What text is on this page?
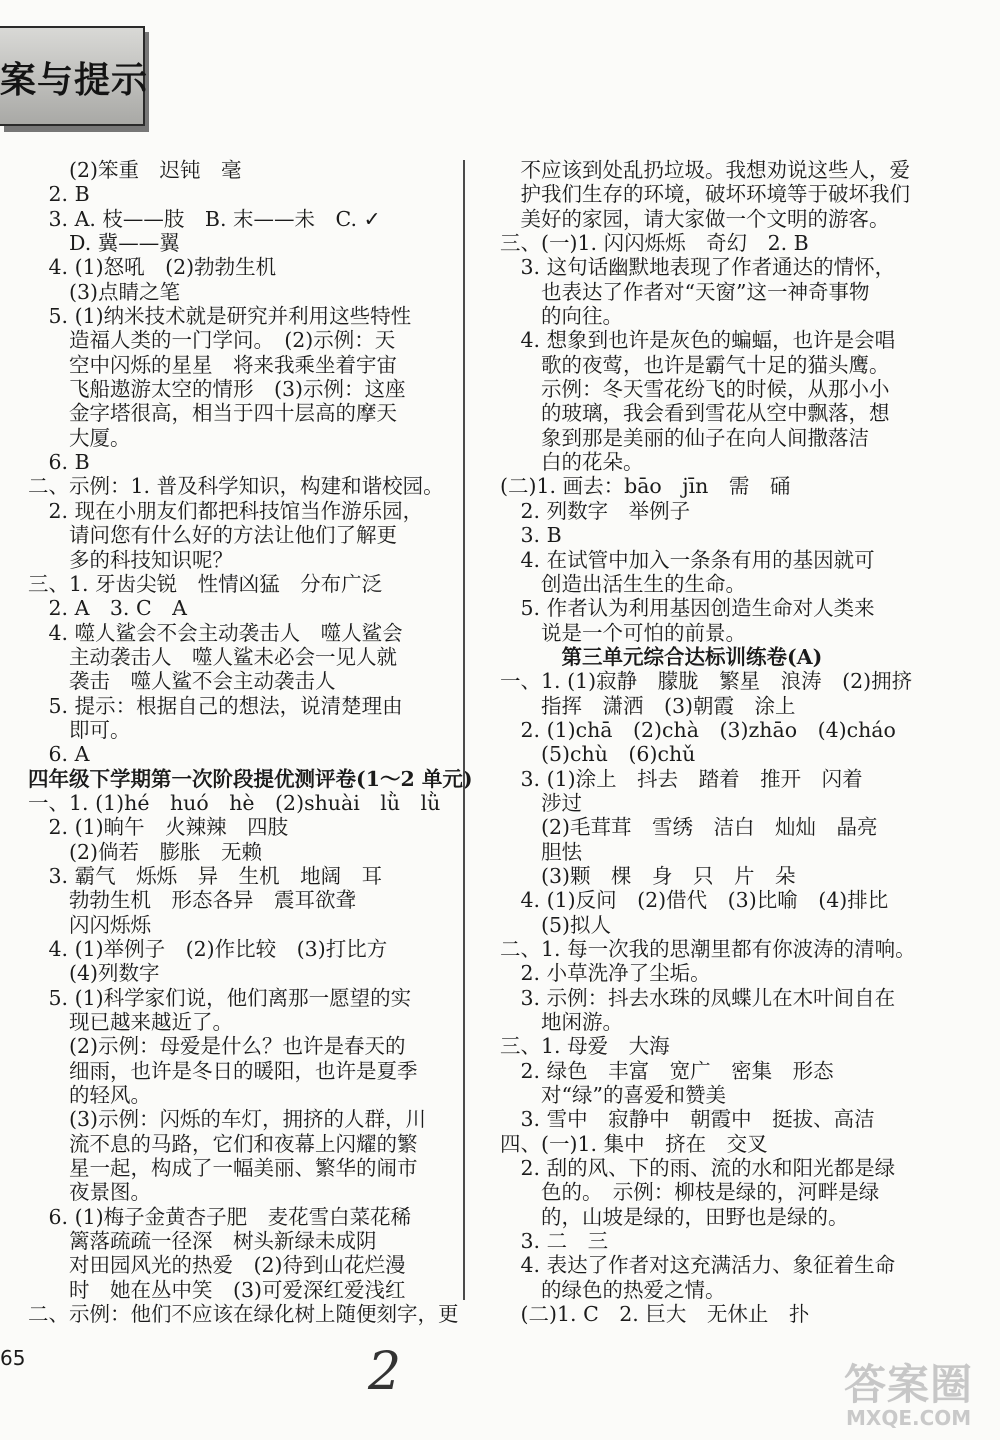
案与提示
　　(2)笨重　迟钝　毫
　2. B
　3. A. 枝——肢　B. 末——未　C. ✓
　　D. 冀——翼
　4. (1)怒吼　(2)勃勃生机
　　(3)点睛之笔
　5. (1)纳米技术就是研究并利用这些特性
　　造福人类的一门学问。　(2)示例：天
　　空中闪烁的星星　将来我乘坐着宇宙
　　飞船遨游太空的情形　(3)示例：这座
　　金字塔很高，相当于四十层高的摩天
　　大厦。
　6. B
二、示例：1. 普及科学知识，构建和谐校园。
　2. 现在小朋友们都把科技馆当作游乐园，
　　请问您有什么好的方法让他们了解更
　　多的科技知识呢？
三、1. 牙齿尖锐　性情凶猛　分布广泛
　2. A　3. C　A
　4. 噬人鲨会不会主动袭击人　噬人鲨会
　　主动袭击人　噬人鲨未必会一见人就
　　袭击　噬人鲨不会主动袭击人
　5. 提示：根据自己的想法，说清楚理由
　　即可。
　6. A
四年级下学期第一次阶段提优测评卷(1～2 单元)
一、1. (1)hé　huó　hè　(2)shuài　lǜ　lǜ
　2. (1)晌午　火辣辣　四肢
　　(2)倘若　膨胀　无赖
　3. 霸气　烁烁　异　生机　地阔　耳
　　勃勃生机　形态各异　震耳欲聋
　　闪闪烁烁
　4. (1)举例子　(2)作比较　(3)打比方
　　(4)列数字
　5. (1)科学家们说，他们离那一愿望的实
　　现已越来越近了。
　　(2)示例：母爱是什么？也许是春天的
　　细雨，也许是冬日的暖阳，也许是夏季
　　的轻风。
　　(3)示例：闪烁的车灯，拥挤的人群，川
　　流不息的马路，它们和夜幕上闪耀的繁
　　星一起，构成了一幅美丽、繁华的闹市
　　夜景图。
　6. (1)梅子金黄杏子肥　麦花雪白菜花稀
　　篱落疏疏一径深　树头新绿未成阴
　　对田园风光的热爱　(2)待到山花烂漫
　　时　她在丛中笑　(3)可爱深红爱浅红
二、示例：他们不应该在绿化树上随便刻字，更
　不应该到处乱扔垃圾。我想劝说这些人，爱
　护我们生存的环境，破坏环境等于破坏我们
　美好的家园，请大家做一个文明的游客。
三、(一)1. 闪闪烁烁　奇幻　2. B
　3. 这句话幽默地表现了作者通达的情怀，
　　也表达了作者对“天窗”这一神奇事物
　　的向往。
　4. 想象到也许是灰色的蝙蝠，也许是会唱
　　歌的夜莺，也许是霸气十足的猫头鹰。
　　示例：冬天雪花纷飞的时候，从那小小
　　的玻璃，我会看到雪花从空中飘落，想
　　象到那是美丽的仙子在向人间撒落洁
　　白的花朵。
(二)1. 画去：bāo　jīn　需　硧
　2. 列数字　举例子
　3. B
　4. 在试管中加入一条条有用的基因就可
　　创造出活生生的生命。
　5. 作者认为利用基因创造生命对人类来
　　说是一个可怕的前景。
　　　第三单元综合达标训练卷(A)
一、1. (1)寂静　朦胧　繁星　浪涛　(2)拥挤
　　指挥　潇洒　(3)朝霞　涂上
　2. (1)chā　(2)chà　(3)zhāo　(4)cháo
　　(5)chù　(6)chǔ
　3. (1)涂上　抖去　踏着　推开　闪着
　　涉过
　　(2)毛茸茸　雪绣　洁白　灿灿　晶亮
　　胆怯
　　(3)颗　棵　身　只　片　朵
　4. (1)反问　(2)借代　(3)比喻　(4)排比
　　(5)拟人
二、1. 每一次我的思潮里都有你波涛的清响。
　2. 小草洗净了尘垢。
　3. 示例：抖去水珠的凤蝶儿在木叶间自在
　　地闲游。
三、1. 母爱　大海
　2. 绿色　丰富　宽广　密集　形态
　　对“绿”的喜爱和赞美
　3. 雪中　寂静中　朝霞中　挺拔、高洁
四、(一)1. 集中　挤在　交叉
　2. 刮的风、下的雨、流的水和阳光都是绿
　　色的。　示例：柳枝是绿的，河畔是绿
　　的，山坡是绿的，田野也是绿的。
　3. 二　三
　4. 表达了作者对这充满活力、象征着生命
　　的绿色的热爱之情。
　(二)1. C　2. 巨大　无休止　扑
65	2	答案圈
MXQE.COM
